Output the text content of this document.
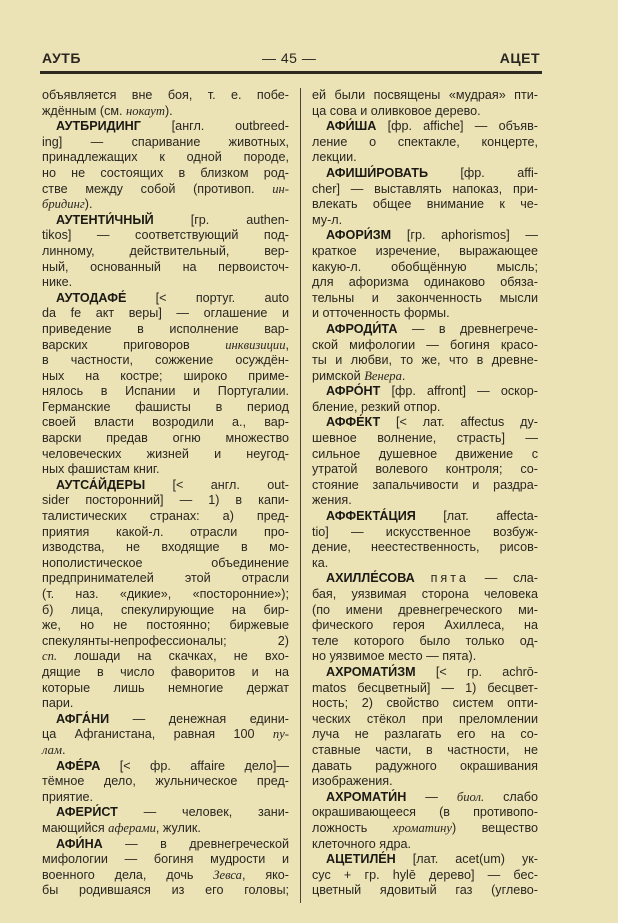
АУТБ	— 45 —	АЦЕТ
объявляется вне боя, т. е. побе-
ждённым (см. нокаут).
АУТБРИДИНГ [англ. outbreed-
ing] — спаривание животных,
принадлежащих к одной породе,
но не состоящих в близком род-
стве между собой (противоп. ин-
бридинг).
АУТЕНТИ́ЧНЫЙ [гр. authen-
tikos] — соответствующий под-
линному, действительный, вер-
ный, основанный на первоисточ-
нике.
АУТОДАФЕ́ [< португ. auto
da fe акт веры] — оглашение и
приведение в исполнение вар-
варских приговоров инквизиции,
в частности, сожжение осуждён-
ных на костре; широко приме-
нялось в Испании и Португалии.
Германские фашисты в период
своей власти возродили а., вар-
варски предав огню множество
человеческих жизней и неугод-
ных фашистам книг.
АУТСА́ЙДЕРЫ [< англ. out-
sider посторонний] — 1) в капи-
талистических странах: а) пред-
приятия какой-л. отрасли про-
изводства, не входящие в мо-
нополистическое объединение
предпринимателей этой отрасли
(т. наз. «дикие», «посторонние»);
б) лица, спекулирующие на бир-
же, но не постоянно; биржевые
спекулянты-непрофессионалы; 2)
сп. лошади на скачках, не вхо-
дящие в число фаворитов и на
которые лишь немногие держат
пари.
АФГА́НИ — денежная едини-
ца Афганистана, равная 100 пу-
лам.
АФЕ́РА [< фр. affaire дело]—
тёмное дело, жульническое пред-
приятие.
АФЕРИ́СТ — человек, зани-
мающийся аферами, жулик.
АФИ́НА — в древнегреческой
мифологии — богиня мудрости и
военного дела, дочь Зевса, яко-
бы родившаяся из его головы;
ей были посвящены «мудрая» пти-
ца сова и оливковое дерево.
АФИ́ША [фр. affiche] — объяв-
ление о спектакле, концерте,
лекции.
АФИШИ́РОВАТЬ [фр. affi-
cher] — выставлять напоказ, при-
влекать общее внимание к че-
му-л.
АФОРИ́ЗМ [гр. aphorismos] —
краткое изречение, выражающее
какую-л. обобщённую мысль;
для афоризма одинаково обяза-
тельны и законченность мысли
и отточенность формы.
АФРОДИ́ТА — в древнегрече-
ской мифологии — богиня красо-
ты и любви, то же, что в древне-
римской Венера.
АФРО́НТ [фр. affront] — оскор-
бление, резкий отпор.
АФФЕ́КТ [< лат. affectus ду-
шевное волнение, страсть] —
сильное душевное движение с
утратой волевого контроля; со-
стояние запальчивости и раздра-
жения.
АФФЕКТА́ЦИЯ [лат. affecta-
tio] — искусственное возбуж-
дение, неестественность, рисов-
ка.
АХИЛЛЕ́СОВА пята — сла-
бая, уязвимая сторона человека
(по имени древнегреческого ми-
фического героя Ахиллеса, на
теле которого было только од-
но уязвимое место — пята).
АХРОМАТИ́ЗМ [< гр. achrō-
matos бесцветный] — 1) бесцвет-
ность; 2) свойство систем опти-
ческих стёкол при преломлении
луча не разлагать его на со-
ставные части, в частности, не
давать радужного окрашивания
изображения.
АХРОМАТИ́Н — биол. слабо
окрашивающееся (в противопо-
ложность хроматину) вещество
клеточного ядра.
АЦЕТИЛЕ́Н [лат. acet(um) ук-
сус + гр. hylē дерево] — бес-
цветный ядовитый газ (углево-
